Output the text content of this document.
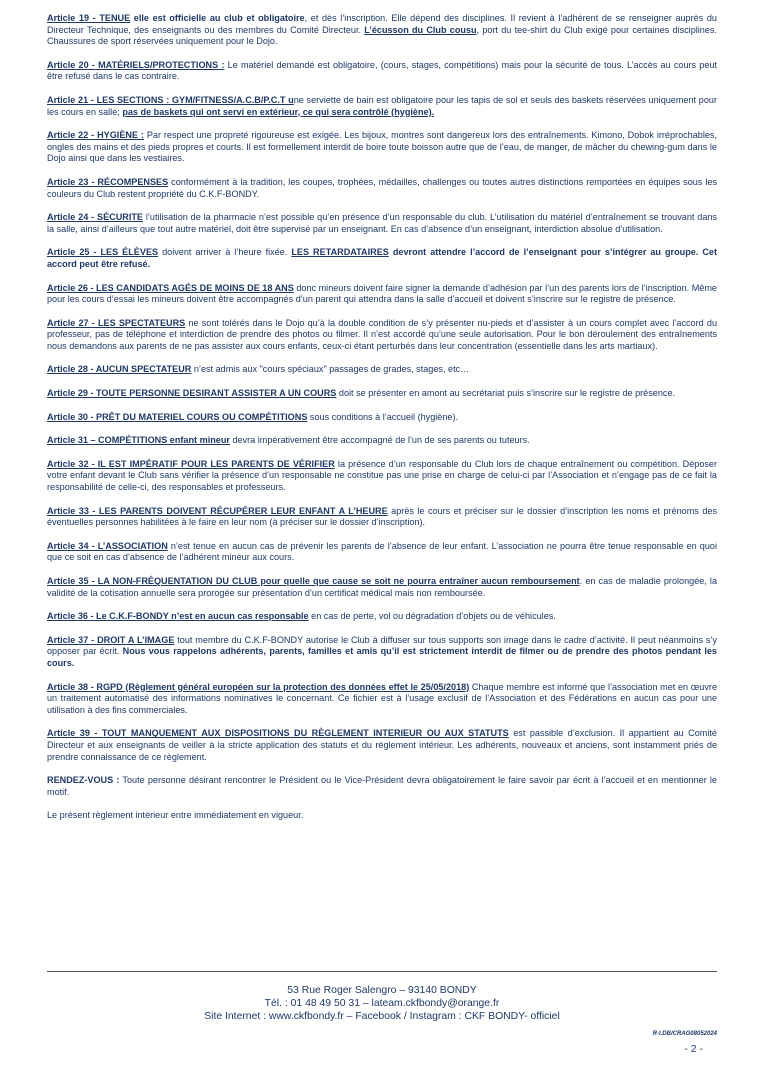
Article 19 - TENUE elle est officielle au club et obligatoire, et dès l’inscription. Elle dépend des disciplines. Il revient à l’adhérent de se renseigner auprès du Directeur Technique, des enseignants ou des membres du Comité Directeur. L’écusson du Club cousu, port du tee-shirt du Club exigé pour certaines disciplines. Chaussures de sport réservées uniquement pour le Dojo.

Article 20 - MATÉRIELS/PROTECTIONS : Le matériel demandé est obligatoire, (cours, stages, compétitions) mais pour la sécurité de tous. L’accès au cours peut être refusé dans le cas contraire.

Article 21 - LES SECTIONS : GYM/FITNESS/A.C.B/P.C.T une serviette de bain est obligatoire pour les tapis de sol et seuls des baskets réservées uniquement pour les cours en salle; pas de baskets qui ont servi en extérieur, ce qui sera contrôlé (hygiène).

Article 22 - HYGIÈNE : Par respect une propreté rigoureuse est exigée. Les bijoux, montres sont dangereux lors des entraînements. Kimono, Dobok irréprochables, ongles des mains et des pieds propres et courts. Il est formellement interdit de boire toute boisson autre que de l’eau, de manger, de mâcher du chewing-gum dans le Dojo ainsi que dans les vestiaires.

Article 23 - RÉCOMPENSES conformément à la tradition, les coupes, trophées, médailles, challenges ou toutes autres distinctions remportées en équipes sous les couleurs du Club restent propriété du C.K.F-BONDY.

Article 24 - SÉCURITE l’utilisation de la pharmacie n’est possible qu’en présence d’un responsable du club. L’utilisation du matériel d’entraînement se trouvant dans la salle, ainsi d’ailleurs que tout autre matériel, doit être supervisé par un enseignant. En cas d’absence d’un enseignant, interdiction absolue d’utilisation.

Article 25 - LES ÉLÈVES doivent arriver à l’heure fixée. LES RETARDATAIRES devront attendre l’accord de l’enseignant pour s’intégrer au groupe. Cet accord peut être refusé.

Article 26 - LES CANDIDATS AGÉS DE MOINS DE 18 ANS donc mineurs doivent faire signer la demande d’adhésion par l’un des parents lors de l’inscription. Même pour les cours d’essai les mineurs doivent être accompagnés d’un parent qui attendra dans la salle d’accueil et doivent s’inscrire sur le registre de présence.

Article 27 - LES SPECTATEURS ne sont tolérés dans le Dojo qu’à la double condition de s’y présenter nu-pieds et d’assister à un cours complet avec l’accord du professeur, pas de téléphone et interdiction de prendre des photos ou filmer. Il n’est accordé qu’une seule autorisation. Pour le bon déroulement des entraînements nous demandons aux parents de ne pas assister aux cours enfants, ceux-ci étant perturbés dans leur concentration (essentielle dans les arts martiaux).

Article 28 - AUCUN SPECTATEUR n’est admis aux "cours spéciaux" passages de grades, stages, etc…

Article 29 - TOUTE PERSONNE DESIRANT ASSISTER A UN COURS doit se présenter en amont au secrétariat puis s’inscrire sur le registre de présence.

Article 30 - PRÊT DU MATERIEL COURS OU COMPÉTITIONS sous conditions à l’accueil (hygiène).

Article 31 – COMPÉTITIONS enfant mineur devra impérativement être accompagné de l’un de ses parents ou tuteurs.

Article 32 - IL EST IMPÉRATIF POUR LES PARENTS DE VÉRIFIER la présence d’un responsable du Club lors de chaque entraînement ou compétition. Déposer votre enfant devant le Club sans vérifier la présence d’un responsable ne constitue pas une prise en charge de celui-ci par l’Association et n’engage pas de ce fait la responsabilité de celle-ci, des responsables et professeurs.

Article 33 - LES PARENTS DOIVENT RÉCUPÉRER LEUR ENFANT A L’HEURE après le cours et préciser sur le dossier d’inscription les noms et prénoms des éventuelles personnes habilitées à le faire en leur nom (à préciser sur le dossier d’inscription).

Article 34 - L’ASSOCIATION n’est tenue en aucun cas de prévenir les parents de l’absence de leur enfant. L’association ne pourra être tenue responsable en quoi que ce soit en cas d’absence de l’adhérent mineur aux cours.

Article 35 - LA NON-FRÉQUENTATION DU CLUB pour quelle que cause se soit ne pourra entraîner aucun remboursement. en cas de maladie prolongée, la validité de la cotisation annuelle sera prorogée sur présentation d’un certificat médical mais non remboursée.

Article 36 - Le C.K.F-BONDY n’est en aucun cas responsable en cas de perte, vol ou dégradation d’objets ou de véhicules.

Article 37 - DROIT A L’IMAGE tout membre du C.K.F-BONDY autorise le Club à diffuser sur tous supports son image dans le cadre d’activité. Il peut néanmoins s’y opposer par écrit. Nous vous rappelons adhérents, parents, familles et amis qu’il est strictement interdit de filmer ou de prendre des photos pendant les cours.

Article 38 - RGPD (Règlement général européen sur la protection des données effet le 25/05/2018) Chaque membre est informé que l’association met en œuvre un traitement automatisé des informations nominatives le concernant. Ce fichier est à l’usage exclusif de l’Association et des Fédérations en aucun cas pour une utilisation à des fins commerciales.

Article 39 - TOUT MANQUEMENT AUX DISPOSITIONS DU RÈGLEMENT INTERIEUR OU AUX STATUTS est passible d’exclusion. Il appartient au Comité Directeur et aux enseignants de veiller à la stricte application des statuts et du règlement intérieur. Les adhérents, nouveaux et anciens, sont instamment priés de prendre connaissance de ce règlement.

RENDEZ-VOUS : Toute personne désirant rencontrer le Président ou le Vice-Président devra obligatoirement le faire savoir par écrit à l’accueil et en mentionner le motif.

Le présent règlement intérieur entre immédiatement en vigueur.

53 Rue Roger Salengro – 93140 BONDY
Tél. : 01 48 49 50 31 – lateam.ckfbondy@orange.fr
Site Internet : www.ckfbondy.fr – Facebook / Instagram : CKF BONDY- officiel
R-I.DB/CRAG08052024
- 2 -
